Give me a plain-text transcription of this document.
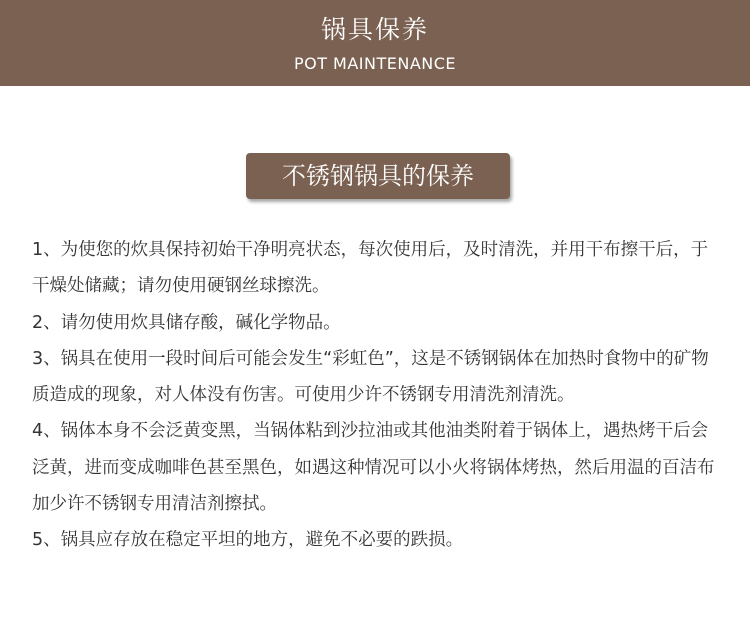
锅具保养
POT MAINTENANCE
不锈钢锅具的保养

1、为使您的炊具保持初始干净明亮状态，每次使用后，及时清洗，并用干布擦干后，于干燥处储藏；请勿使用硬钢丝球擦洗。

2、请勿使用炊具储存酸，碱化学物品。

3、锅具在使用一段时间后可能会发生“彩虹色”，这是不锈钢锅体在加热时食物中的矿物质造成的现象，对人体没有伤害。可使用少许不锈钢专用清洗剂清洗。

4、锅体本身不会泛黄变黑，当锅体粘到沙拉油或其他油类附着于锅体上，遇热烤干后会泛黄，进而变成咖啡色甚至黑色，如遇这种情况可以小火将锅体烤热，然后用温的百洁布加少许不锈钢专用清洁剂擦拭。

5、锅具应存放在稳定平坦的地方，避免不必要的跌损。
